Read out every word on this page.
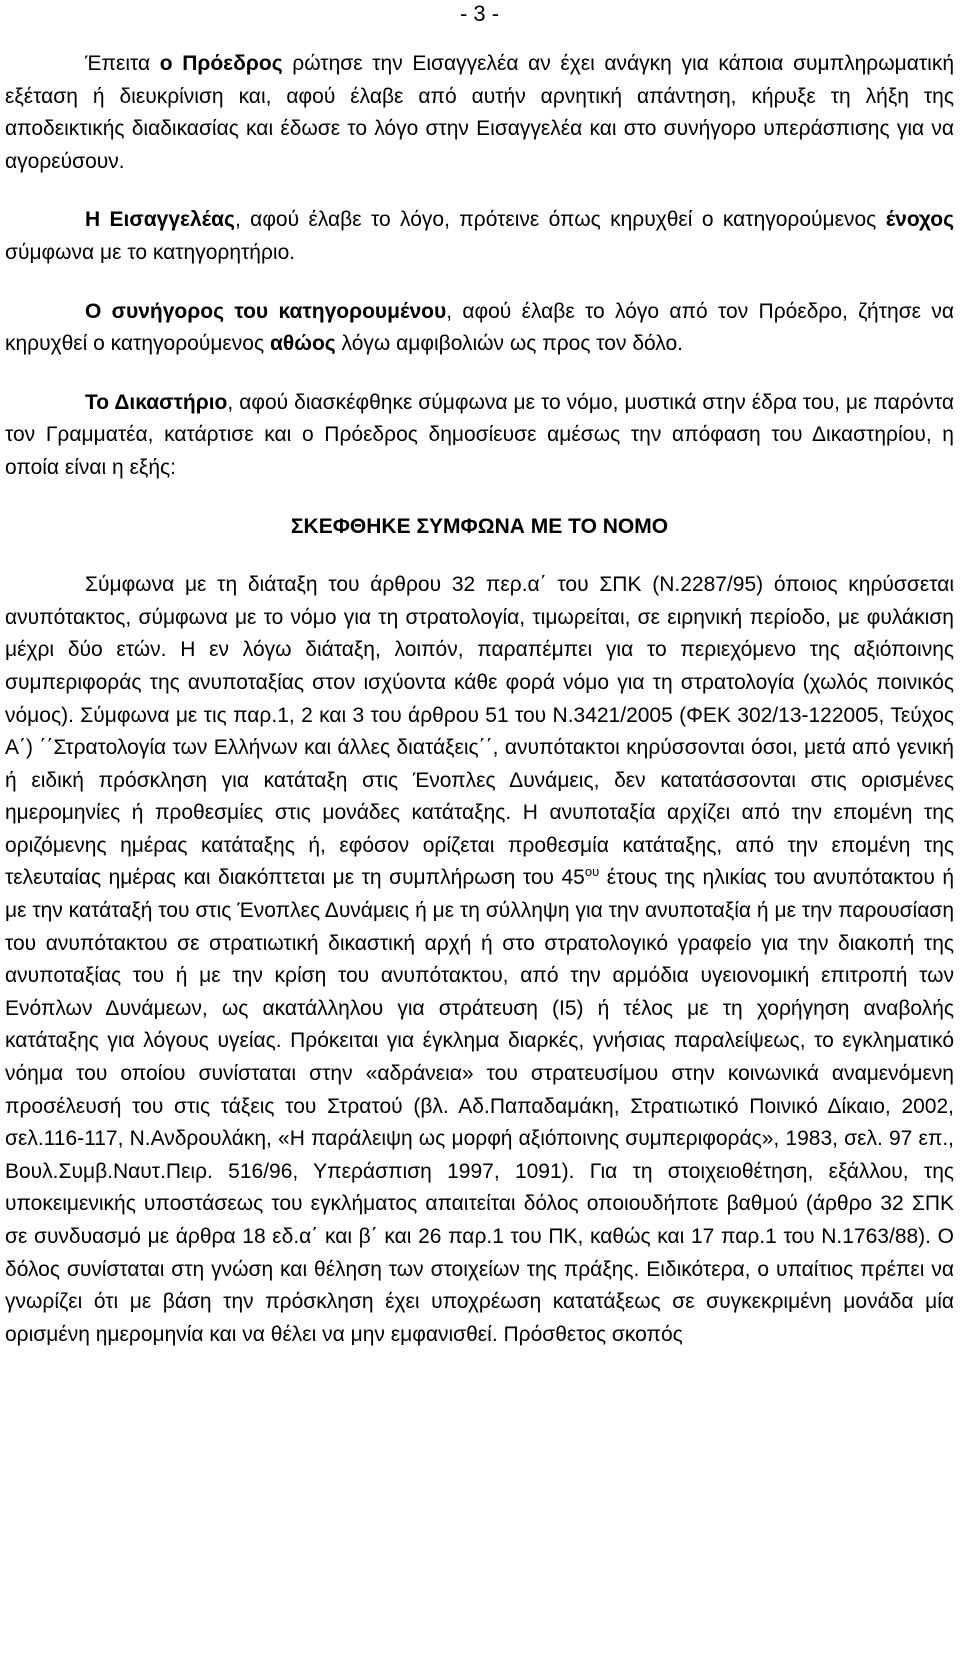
- 3 -

Έπειτα ο Πρόεδρος ρώτησε την Εισαγγελέα αν έχει ανάγκη για κάποια συμπληρωματική εξέταση ή διευκρίνιση και, αφού έλαβε από αυτήν αρνητική απάντηση, κήρυξε τη λήξη της αποδεικτικής διαδικασίας και έδωσε το λόγο στην Εισαγγελέα και στο συνήγορο υπεράσπισης για να αγορεύσουν.

Η Εισαγγελέας, αφού έλαβε το λόγο, πρότεινε όπως κηρυχθεί ο κατηγορούμενος ένοχος σύμφωνα με το κατηγορητήριο.

Ο συνήγορος του κατηγορουμένου, αφού έλαβε το λόγο από τον Πρόεδρο, ζήτησε να κηρυχθεί ο κατηγορούμενος αθώος λόγω αμφιβολιών ως προς τον δόλο.

Το Δικαστήριο, αφού διασκέφθηκε σύμφωνα με το νόμο, μυστικά στην έδρα του, με παρόντα τον Γραμματέα, κατάρτισε και ο Πρόεδρος δημοσίευσε αμέσως την απόφαση του Δικαστηρίου, η οποία είναι η εξής:

ΣΚΕΦΘΗΚΕ ΣΥΜΦΩΝΑ ΜΕ ΤΟ ΝΟΜΟ

Σύμφωνα με τη διάταξη του άρθρου 32 περ.α΄ του ΣΠΚ (Ν.2287/95) όποιος κηρύσσεται ανυπότακτος, σύμφωνα με το νόμο για τη στρατολογία, τιμωρείται, σε ειρηνική περίοδο, με φυλάκιση μέχρι δύο ετών. Η εν λόγω διάταξη, λοιπόν, παραπέμπει για το περιεχόμενο της αξιόποινης συμπεριφοράς της ανυποταξίας στον ισχύοντα κάθε φορά νόμο για τη στρατολογία (χωλός ποινικός νόμος). Σύμφωνα με τις παρ.1, 2 και 3 του άρθρου 51 του Ν.3421/2005 (ΦΕΚ 302/13-122005, Τεύχος Α΄) ΄΄Στρατολογία των Ελλήνων και άλλες διατάξεις΄΄, ανυπότακτοι κηρύσσονται όσοι, μετά από γενική ή ειδική πρόσκληση για κατάταξη στις Ένοπλες Δυνάμεις, δεν κατατάσσονται στις ορισμένες ημερομηνίες ή προθεσμίες στις μονάδες κατάταξης. Η ανυποταξία αρχίζει από την επομένη της οριζόμενης ημέρας κατάταξης ή, εφόσον ορίζεται προθεσμία κατάταξης, από την επομένη της τελευταίας ημέρας και διακόπτεται με τη συμπλήρωση του $45^{o\upsilon}$ έτους της ηλικίας του ανυπότακτου ή με την κατάταξή του στις Ένοπλες Δυνάμεις ή με τη σύλληψη για την ανυποταξία ή με την παρουσίαση του ανυπότακτου σε στρατιωτική δικαστική αρχή ή στο στρατολογικό γραφείο για την διακοπή της ανυποταξίας του ή με την κρίση του ανυπότακτου, από την αρμόδια υγειονομική επιτροπή των Ενόπλων Δυνάμεων, ως ακατάλληλου για στράτευση (Ι5) ή τέλος με τη χορήγηση αναβολής κατάταξης για λόγους υγείας. Πρόκειται για έγκλημα διαρκές, γνήσιας παραλείψεως, το εγκληματικό νόημα του οποίου συνίσταται στην «αδράνεια» του στρατευσίμου στην κοινωνικά αναμενόμενη προσέλευσή του στις τάξεις του Στρατού (βλ. Αδ.Παπαδαμάκη, Στρατιωτικό Ποινικό Δίκαιο, 2002, σελ.116-117, Ν.Ανδρουλάκη, «Η παράλειψη ως μορφή αξιόποινης συμπεριφοράς», 1983, σελ. 97 επ., Βουλ.Συμβ.Ναυτ.Πειρ. 516/96, Υπεράσπιση 1997, 1091). Για τη στοιχειοθέτηση, εξάλλου, της υποκειμενικής υποστάσεως του εγκλήματος απαιτείται δόλος οποιουδήποτε βαθμού (άρθρο 32 ΣΠΚ σε συνδυασμό με άρθρα 18 εδ.α΄ και β΄ και 26 παρ.1 του ΠΚ, καθώς και 17 παρ.1 του Ν.1763/88). Ο δόλος συνίσταται στη γνώση και θέληση των στοιχείων της πράξης. Ειδικότερα, ο υπαίτιος πρέπει να γνωρίζει ότι με βάση την πρόσκληση έχει υποχρέωση κατατάξεως σε συγκεκριμένη μονάδα μία ορισμένη ημερομηνία και να θέλει να μην εμφανισθεί. Πρόσθετος σκοπός
